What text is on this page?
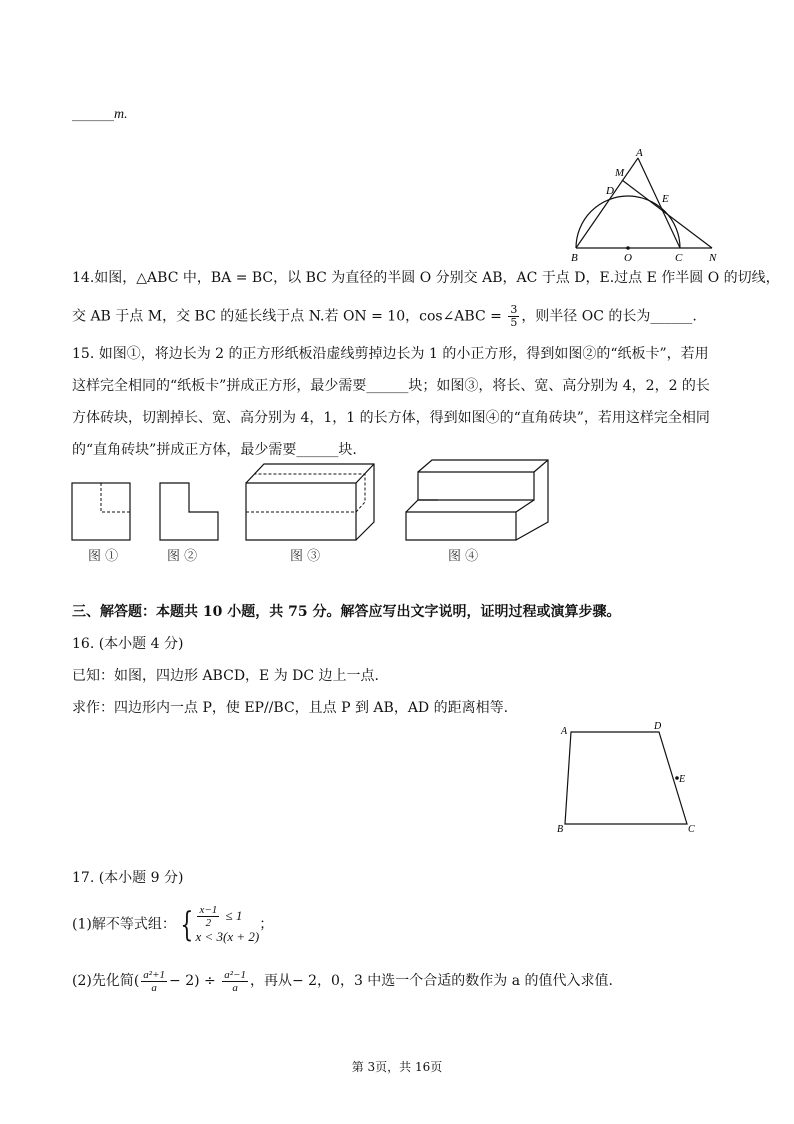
______m.
A
M
D
E
B	O	C N
14.如图，△ABC 中，BA = BC，以 BC 为直径的半圆 O 分别交 AB，AC 于点 D，E.过点 E 作半圆 O 的切线，
交 AB 于点 M，交 BC 的延长线于点 N.若 ON = 10，cos∠ABC = $\frac{3}{5}$ ，则半径 OC 的长为______.
15. 如图①，将边长为 2 的正方形纸板沿虚线剪掉边长为 1 的小正方形，得到如图②的“纸板卡”，若用
这样完全相同的“纸板卡”拼成正方形，最少需要______块；如图③，将长、宽、高分别为 4，2，2 的长
方体砖块，切割掉长、宽、高分别为 4，1，1 的长方体，得到如图④的“直角砖块”，若用这样完全相同
的“直角砖块”拼成正方体，最少需要______块.
图 ①	图 ②	图 ③	图 ④
三、解答题：本题共 10 小题，共 75 分。解答应写出文字说明，证明过程或演算步骤。
16. (本小题 4 分)
已知：如图，四边形 ABCD，E 为 DC 边上一点.
求作：四边形内一点 P，使 EP//BC，且点 P 到 AB，AD 的距离相等.
A	D
E
B	C
17. (本小题 9 分)
(1)解不等式组： { $\frac{x-1}{2} \le 1$
x < 3(x + 2)
；
(2)先化简( $\frac{\text{a²+1}}{a} - 2) \div \frac{\text{a²−1}}{a}$ ，再从− 2，0，3 中选一个合适的数作为 a 的值代入求值.
第 3页，共 16页
